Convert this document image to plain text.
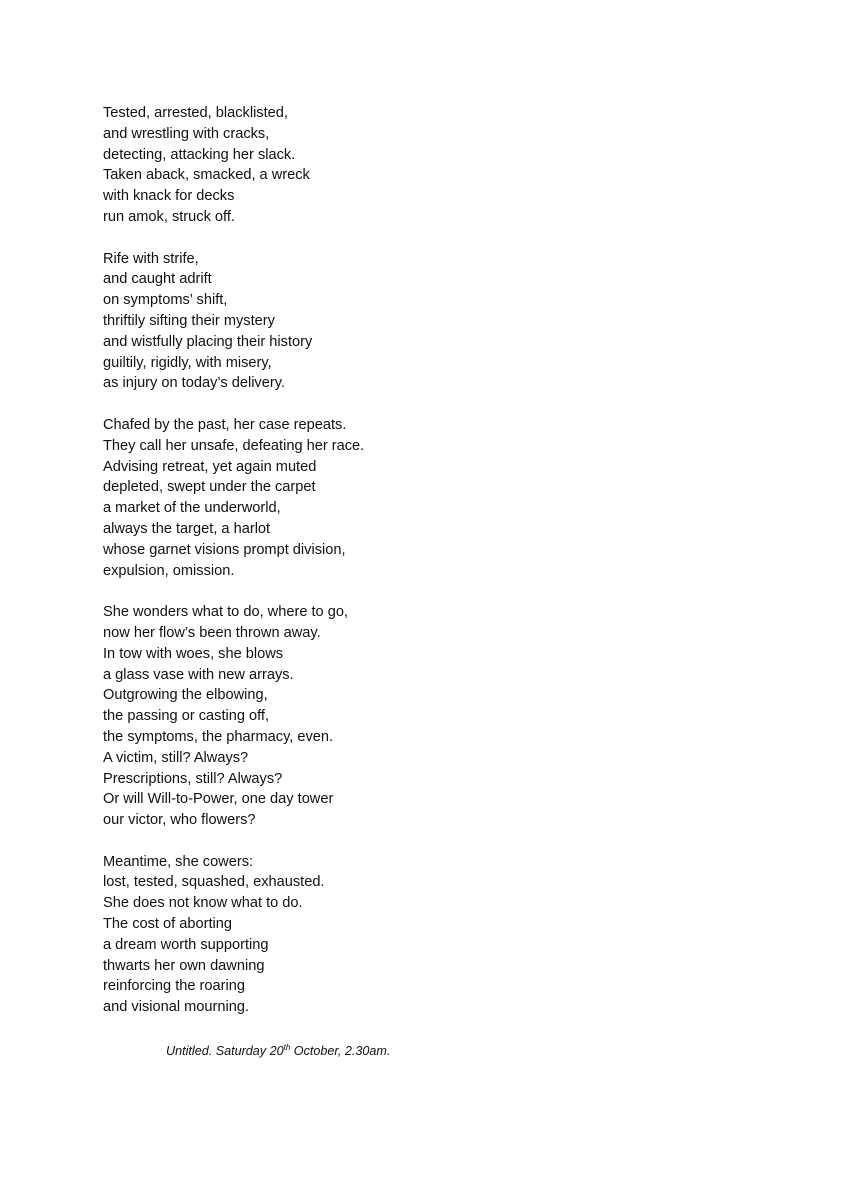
Tested, arrested, blacklisted,
and wrestling with cracks,
detecting, attacking her slack.
Taken aback, smacked, a wreck
with knack for decks
run amok, struck off.
Rife with strife,
and caught adrift
on symptoms’ shift,
thriftily sifting their mystery
and wistfully placing their history
guiltily, rigidly, with misery,
as injury on today’s delivery.
Chafed by the past, her case repeats.
They call her unsafe, defeating her race.
Advising retreat, yet again muted
depleted, swept under the carpet
a market of the underworld,
always the target, a harlot
whose garnet visions prompt division,
expulsion, omission.
She wonders what to do, where to go,
now her flow’s been thrown away.
In tow with woes, she blows
a glass vase with new arrays.
Outgrowing the elbowing,
the passing or casting off,
the symptoms, the pharmacy, even.
A victim, still? Always?
Prescriptions, still? Always?
Or will Will-to-Power, one day tower
our victor, who flowers?
Meantime, she cowers:
lost, tested, squashed, exhausted.
She does not know what to do.
The cost of aborting
a dream worth supporting
thwarts her own dawning
reinforcing the roaring
and visional mourning.
Untitled. Saturday 20th October, 2.30am.
